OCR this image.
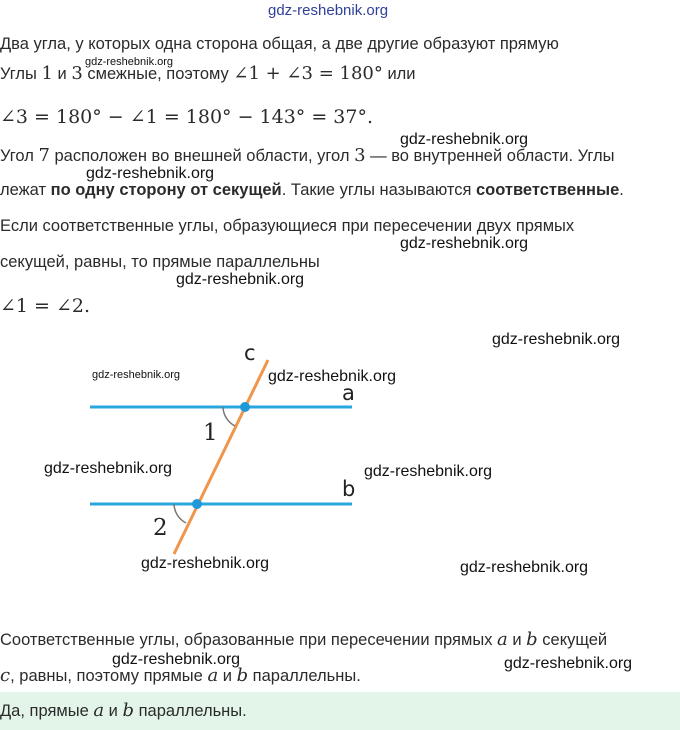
gdz-reshebnik.org
Два угла, у которых одна сторона общая, а две другие образуют прямую
Углы 1 и 3 смежные, поэтому ∠1 + ∠3 = 180° или
∠3 = 180° − ∠1 = 180° − 143° = 37°.
Угол 7 расположен во внешней области, угол 3 — во внутренней области. Углы
лежат по одну сторону от секущей. Такие углы называются соответственные.
Если соответственные углы, образующиеся при пересечении двух прямых
секущей, равны, то прямые параллельны
∠1 = ∠2.
c
a
b
1
2
Соответственные углы, образованные при пересечении прямых a и b секущей
c, равны, поэтому прямые a и b параллельны.
Да, прямые a и b параллельны.
gdz-reshebnik.org
gdz-reshebnik.org
gdz-reshebnik.org
gdz-reshebnik.org
gdz-reshebnik.org
gdz-reshebnik.org
gdz-reshebnik.org	gdz-reshebnik.org
gdz-reshebnik.org	gdz-reshebnik.org
gdz-reshebnik.org	gdz-reshebnik.org
gdz-reshebnik.org	gdz-reshebnik.org
